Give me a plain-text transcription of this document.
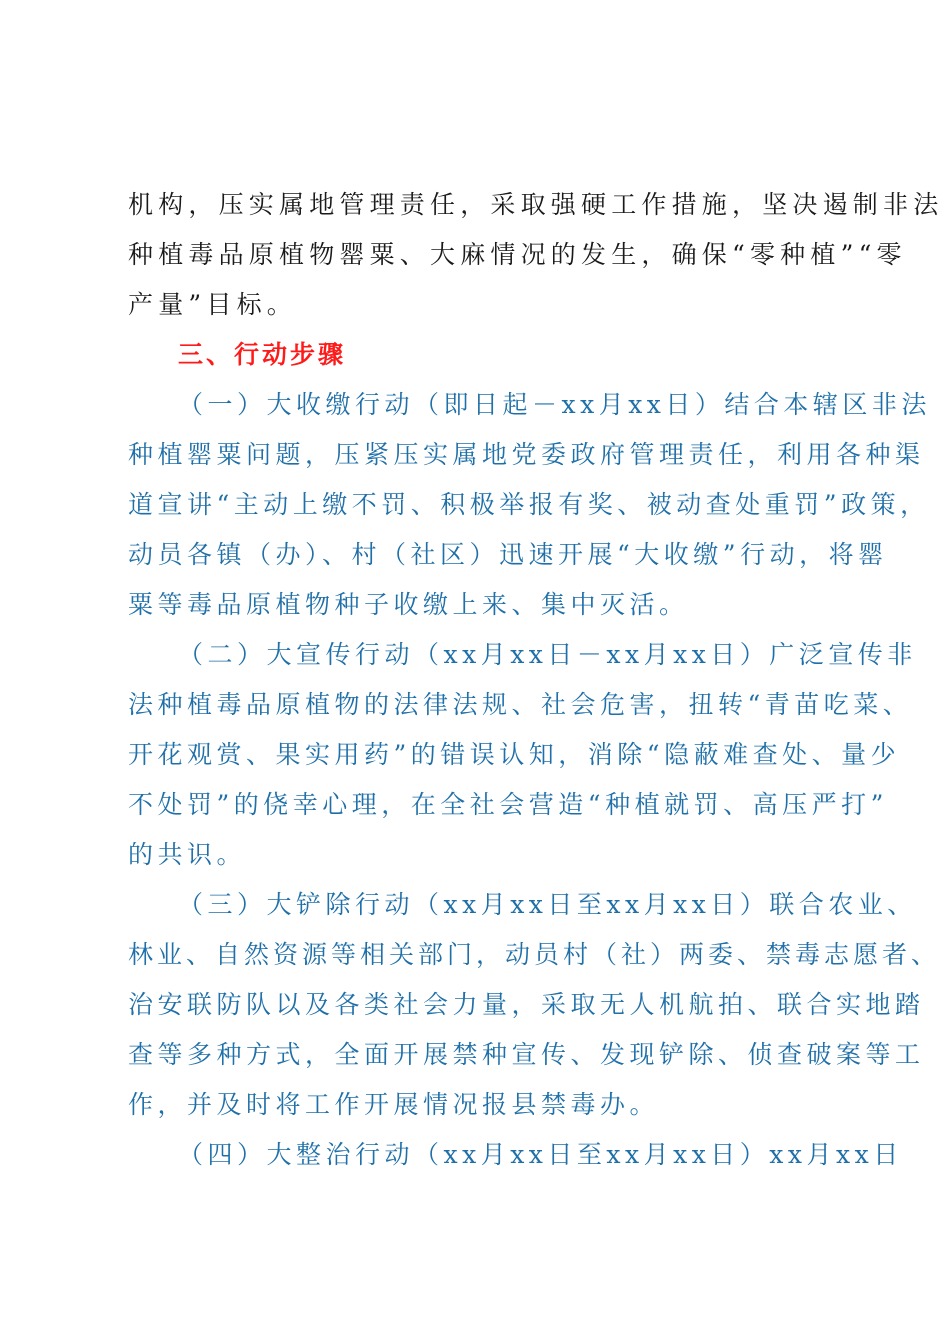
机构，压实属地管理责任，采取强硬工作措施，坚决遏制非法
种植毒品原植物罂粟、大麻情况的发生，确保“零种植”“零
产量”目标。
三、行动步骤
（一）大收缴行动（即日起－xx月xx日）结合本辖区非法
种植罂粟问题，压紧压实属地党委政府管理责任，利用各种渠
道宣讲“主动上缴不罚、积极举报有奖、被动查处重罚”政策，
动员各镇（办）、村（社区）迅速开展“大收缴”行动，将罂
粟等毒品原植物种子收缴上来、集中灭活。
（二）大宣传行动（xx月xx日－xx月xx日）广泛宣传非
法种植毒品原植物的法律法规、社会危害，扭转“青苗吃菜、
开花观赏、果实用药”的错误认知，消除“隐蔽难查处、量少
不处罚”的侥幸心理，在全社会营造“种植就罚、高压严打”
的共识。
（三）大铲除行动（xx月xx日至xx月xx日）联合农业、
林业、自然资源等相关部门，动员村（社）两委、禁毒志愿者、
治安联防队以及各类社会力量，采取无人机航拍、联合实地踏
查等多种方式，全面开展禁种宣传、发现铲除、侦查破案等工
作，并及时将工作开展情况报县禁毒办。
（四）大整治行动（xx月xx日至xx月xx日）xx月xx日
